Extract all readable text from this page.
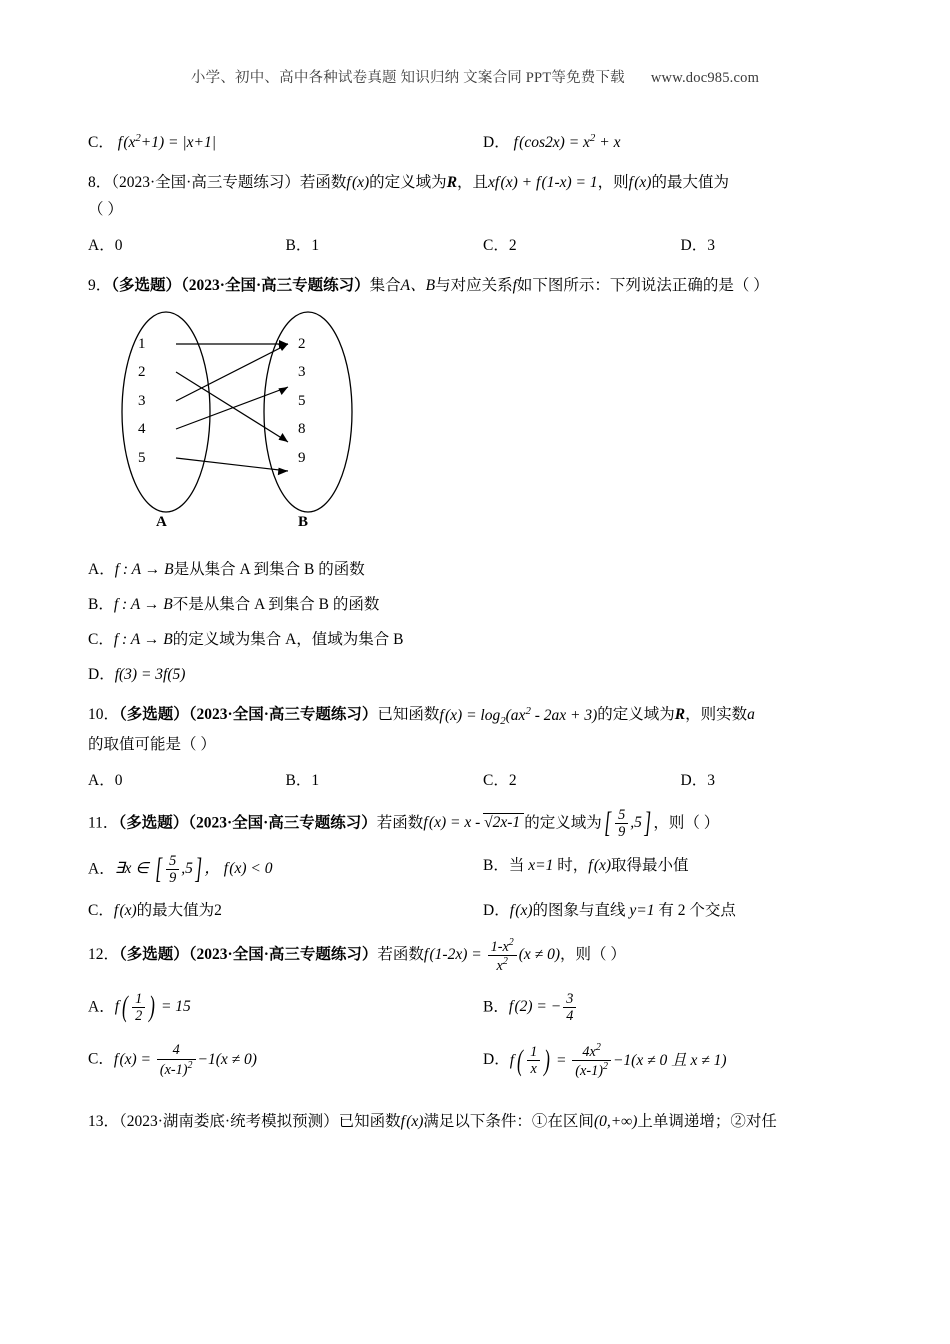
小学、初中、高中各种试卷真题 知识归纳 文案合同 PPT等免费下载 www.doc985.com
C． f $(x^2+1) = |x+1|$	D． f $(\cos 2x) = x^2 + x$
8．（2023·全国·高三专题练习）若函数f (x)的定义域为R，且xf (x) + f (1-x) = 1，则f (x)的最大值为
（ ）
A．0	B．1	C．2	D．3
9．（多选题）（2023·全国·高三专题练习）集合A、B与对应关系f如下图所示：下列说法正确的是（ ）
1
2
3
4
5
2
3
5
8
9
A	B
A．f : A → B是从集合 A 到集合 B 的函数
B．f : A → B不是从集合 A 到集合 B 的函数
C．f : A → B的定义域为集合 A，值域为集合 B
D．f(3) = 3f(5)
10．（多选题）（2023·全国·高三专题练习）已知函数f $(x) = \log_2(ax^2 - 2ax + 3)$的定义域为R，则实数a
的取值可能是（ ）
A．0	B．1	C．2	D．3
11．（多选题）（2023·全国·高三专题练习）若函数f (x) = x - √2x-1 的定义域为[ $\frac{5}{9} ,5$] ，则（ ）
A．∃x ∈ [ $\frac{5}{9} ,5$] ， f (x) < 0	B．当 x=1 时，f (x)取得最小值
C．f (x)的最大值为2	D．f (x)的图象与直线 y=1 有 2 个交点
12．（多选题）（2023·全国·高三专题练习）若函数f $(1-2x) = \frac{1-x^2}{x^2} (x \ne 0)$，则（ ）
A．f ( $\frac{1}{2}$ ) = 15	B．f (2) = − $\frac{3}{4}$
C．f $(x) = \frac{4}{(x-1)^2} -1(x \ne 0)$	D．f ( $\frac{1}{x}$ ) = $\frac{4x^2}{(x-1)^2} -1(x \ne 0$ 且 x ≠ 1)
13．（2023·湖南娄底·统考模拟预测）已知函数f (x)满足以下条件：①在区间(0,+∞)上单调递增；②对任
